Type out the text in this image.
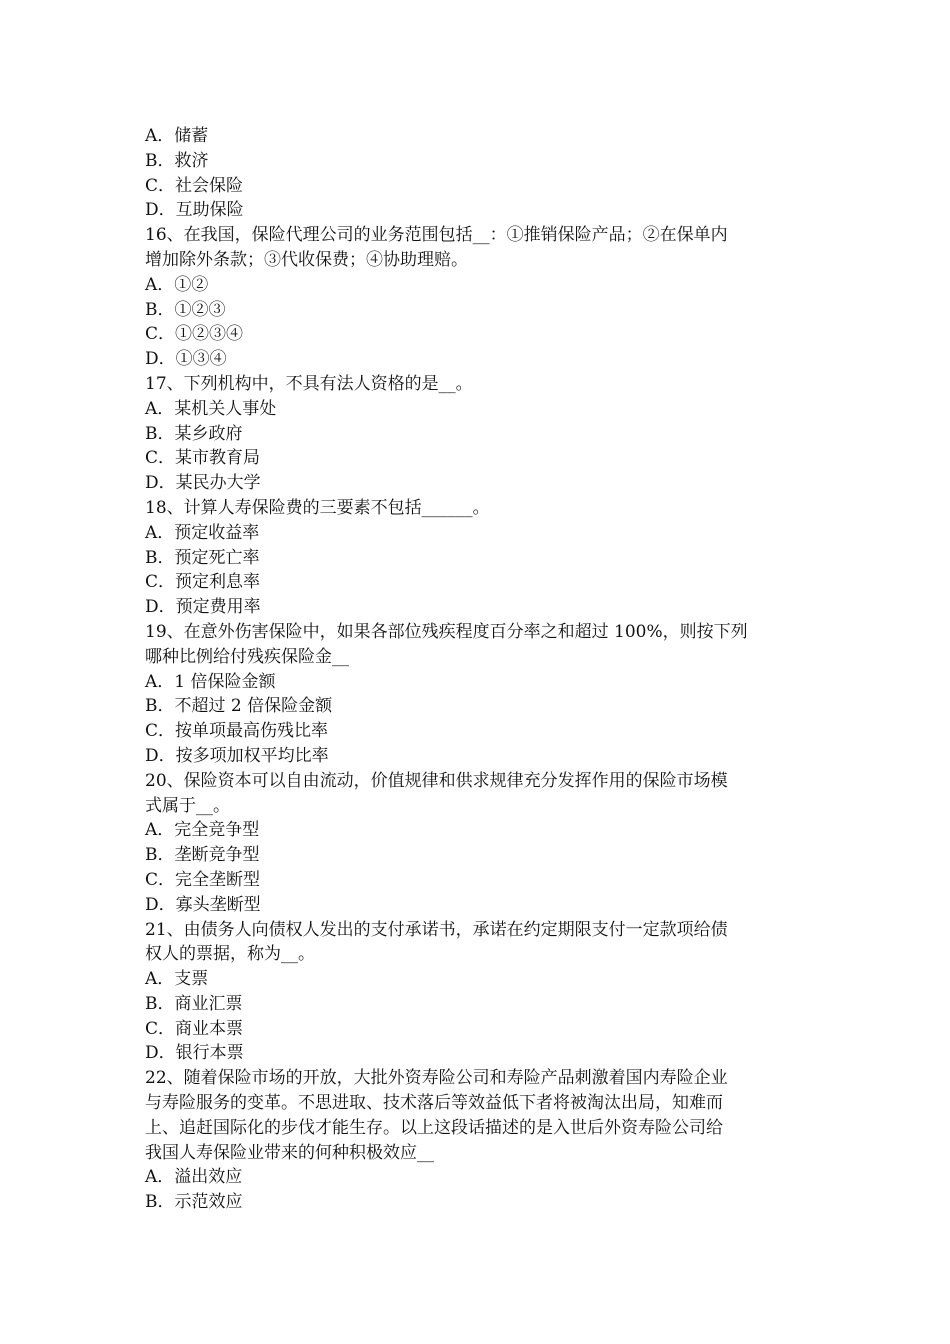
A．储蓄
B．救济
C．社会保险
D．互助保险
16、在我国，保险代理公司的业务范围包括__：①推销保险产品；②在保单内
增加除外条款；③代收保费；④协助理赔。
A．①②
B．①②③
C．①②③④
D．①③④
17、下列机构中，不具有法人资格的是__。
A．某机关人事处
B．某乡政府
C．某市教育局
D．某民办大学
18、计算人寿保险费的三要素不包括______。
A．预定收益率
B．预定死亡率
C．预定利息率
D．预定费用率
19、在意外伤害保险中，如果各部位残疾程度百分率之和超过 100%，则按下列
哪种比例给付残疾保险金__
A．1 倍保险金额
B．不超过 2 倍保险金额
C．按单项最高伤残比率
D．按多项加权平均比率
20、保险资本可以自由流动，价值规律和供求规律充分发挥作用的保险市场模
式属于__。
A．完全竞争型
B．垄断竞争型
C．完全垄断型
D．寡头垄断型
21、由债务人向债权人发出的支付承诺书，承诺在约定期限支付一定款项给债
权人的票据，称为__。
A．支票
B．商业汇票
C．商业本票
D．银行本票
22、随着保险市场的开放，大批外资寿险公司和寿险产品刺激着国内寿险企业
与寿险服务的变革。不思进取、技术落后等效益低下者将被淘汰出局，知难而
上、追赶国际化的步伐才能生存。以上这段话描述的是入世后外资寿险公司给
我国人寿保险业带来的何种积极效应__
A．溢出效应
B．示范效应
